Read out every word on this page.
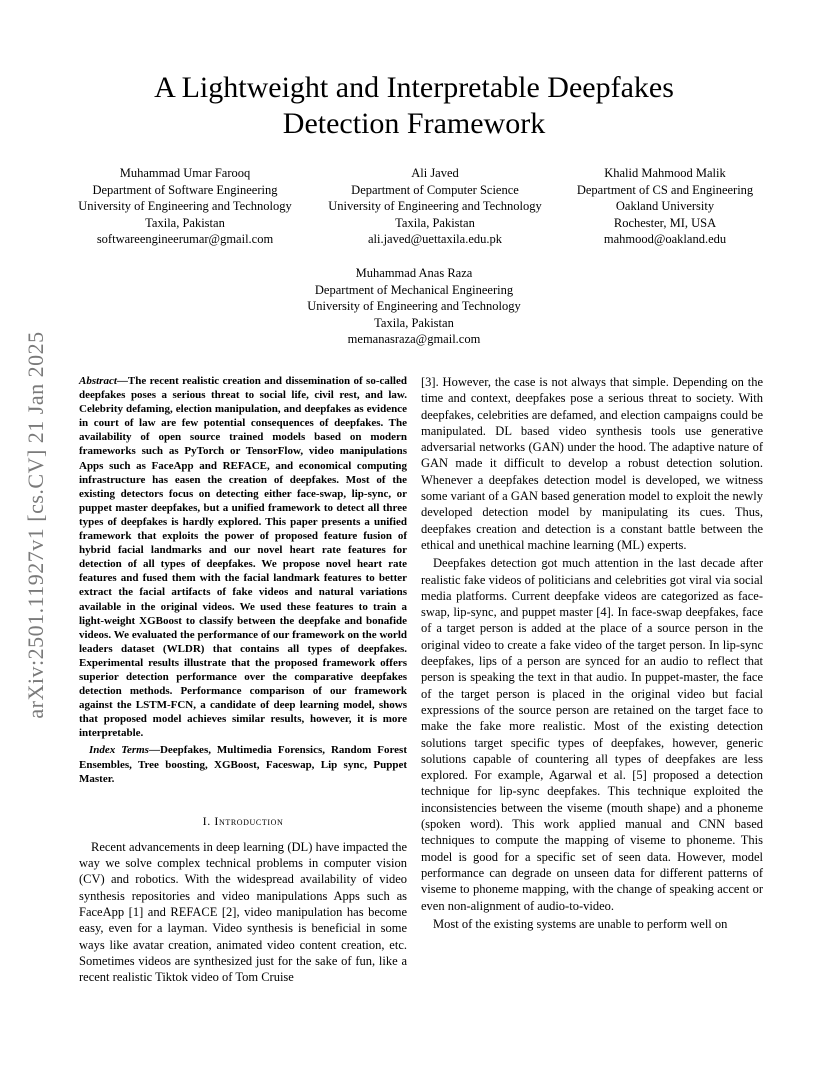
arXiv:2501.11927v1 [cs.CV] 21 Jan 2025
A Lightweight and Interpretable Deepfakes
Detection Framework
Muhammad Umar Farooq
Department of Software Engineering
University of Engineering and Technology
Taxila, Pakistan
softwareengineerumar@gmail.com
Ali Javed
Department of Computer Science
University of Engineering and Technology
Taxila, Pakistan
ali.javed@uettaxila.edu.pk
Khalid Mahmood Malik
Department of CS and Engineering
Oakland University
Rochester, MI, USA
mahmood@oakland.edu
Muhammad Anas Raza
Department of Mechanical Engineering
University of Engineering and Technology
Taxila, Pakistan
memanasraza@gmail.com

Abstract—The recent realistic creation and dissemination of so-called deepfakes poses a serious threat to social life, civil rest, and law. Celebrity defaming, election manipulation, and deepfakes as evidence in court of law are few potential consequences of deepfakes. The availability of open source trained models based on modern frameworks such as PyTorch or TensorFlow, video manipulations Apps such as FaceApp and REFACE, and economical computing infrastructure has easen the creation of deepfakes. Most of the existing detectors focus on detecting either face-swap, lip-sync, or puppet master deepfakes, but a unified framework to detect all three types of deepfakes is hardly explored. This paper presents a unified framework that exploits the power of proposed feature fusion of hybrid facial landmarks and our novel heart rate features for detection of all types of deepfakes. We propose novel heart rate features and fused them with the facial landmark features to better extract the facial artifacts of fake videos and natural variations available in the original videos. We used these features to train a light-weight XGBoost to classify between the deepfake and bonafide videos. We evaluated the performance of our framework on the world leaders dataset (WLDR) that contains all types of deepfakes. Experimental results illustrate that the proposed framework offers superior detection performance over the comparative deepfakes detection methods. Performance comparison of our framework against the LSTM-FCN, a candidate of deep learning model, shows that proposed model achieves similar results, however, it is more interpretable.

Index Terms—Deepfakes, Multimedia Forensics, Random Forest Ensembles, Tree boosting, XGBoost, Faceswap, Lip sync, Puppet Master.

I. Introduction

Recent advancements in deep learning (DL) have impacted the way we solve complex technical problems in computer vision (CV) and robotics. With the widespread availability of video synthesis repositories and video manipulations Apps such as FaceApp [1] and REFACE [2], video manipulation has become easy, even for a layman. Video synthesis is beneficial in some ways like avatar creation, animated video content creation, etc. Sometimes videos are synthesized just for the sake of fun, like a recent realistic Tiktok video of Tom Cruise

[3]. However, the case is not always that simple. Depending on the time and context, deepfakes pose a serious threat to society. With deepfakes, celebrities are defamed, and election campaigns could be manipulated. DL based video synthesis tools use generative adversarial networks (GAN) under the hood. The adaptive nature of GAN made it difficult to develop a robust detection solution. Whenever a deepfakes detection model is developed, we witness some variant of a GAN based generation model to exploit the newly developed detection model by manipulating its cues. Thus, deepfakes creation and detection is a constant battle between the ethical and unethical machine learning (ML) experts.

Deepfakes detection got much attention in the last decade after realistic fake videos of politicians and celebrities got viral via social media platforms. Current deepfake videos are categorized as face-swap, lip-sync, and puppet master [4]. In face-swap deepfakes, face of a target person is added at the place of a source person in the original video to create a fake video of the target person. In lip-sync deepfakes, lips of a person are synced for an audio to reflect that person is speaking the text in that audio. In puppet-master, the face of the target person is placed in the original video but facial expressions of the source person are retained on the target face to make the fake more realistic. Most of the existing detection solutions target specific types of deepfakes, however, generic solutions capable of countering all types of deepfakes are less explored. For example, Agarwal et al. [5] proposed a detection technique for lip-sync deepfakes. This technique exploited the inconsistencies between the viseme (mouth shape) and a phoneme (spoken word). This work applied manual and CNN based techniques to compute the mapping of viseme to phoneme. This model is good for a specific set of seen data. However, model performance can degrade on unseen data for different patterns of viseme to phoneme mapping, with the change of speaking accent or even non-alignment of audio-to-video.

Most of the existing systems are unable to perform well on
